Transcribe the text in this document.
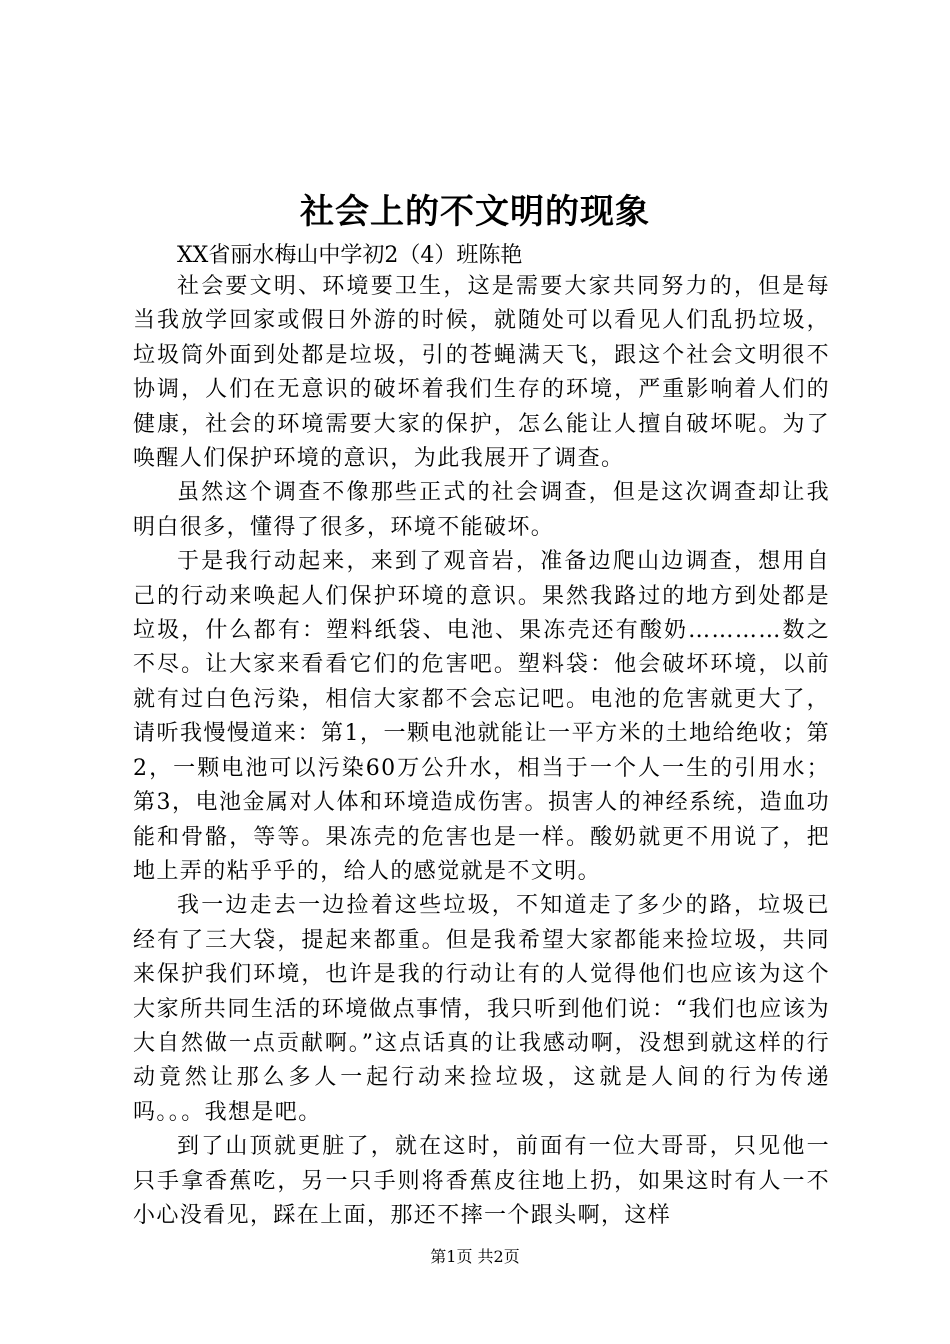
社会上的不文明的现象

XX省丽水梅山中学初2（4）班陈艳

社会要文明、环境要卫生，这是需要大家共同努力的，但是每当我放学回家或假日外游的时候，就随处可以看见人们乱扔垃圾，垃圾筒外面到处都是垃圾，引的苍蝇满天飞，跟这个社会文明很不协调，人们在无意识的破坏着我们生存的环境，严重影响着人们的健康，社会的环境需要大家的保护，怎么能让人擅自破坏呢。为了唤醒人们保护环境的意识，为此我展开了调查。

虽然这个调查不像那些正式的社会调查，但是这次调查却让我明白很多，懂得了很多，环境不能破坏。

于是我行动起来，来到了观音岩，准备边爬山边调查，想用自己的行动来唤起人们保护环境的意识。果然我路过的地方到处都是垃圾，什么都有：塑料纸袋、电池、果冻壳还有酸奶…………数之不尽。让大家来看看它们的危害吧。塑料袋：他会破坏环境，以前就有过白色污染，相信大家都不会忘记吧。电池的危害就更大了，请听我慢慢道来：第1，一颗电池就能让一平方米的土地给绝收；第2，一颗电池可以污染60万公升水，相当于一个人一生的引用水；第3，电池金属对人体和环境造成伤害。损害人的神经系统，造血功能和骨骼，等等。果冻壳的危害也是一样。酸奶就更不用说了，把地上弄的粘乎乎的，给人的感觉就是不文明。

我一边走去一边捡着这些垃圾，不知道走了多少的路，垃圾已经有了三大袋，提起来都重。但是我希望大家都能来捡垃圾，共同来保护我们环境，也许是我的行动让有的人觉得他们也应该为这个大家所共同生活的环境做点事情，我只听到他们说：“我们也应该为大自然做一点贡献啊。”这点话真的让我感动啊，没想到就这样的行动竟然让那么多人一起行动来捡垃圾，这就是人间的行为传递吗。。。我想是吧。

到了山顶就更脏了，就在这时，前面有一位大哥哥，只见他一只手拿香蕉吃，另一只手则将香蕉皮往地上扔，如果这时有人一不小心没看见，踩在上面，那还不摔一个跟头啊，这样

第1页 共2页
